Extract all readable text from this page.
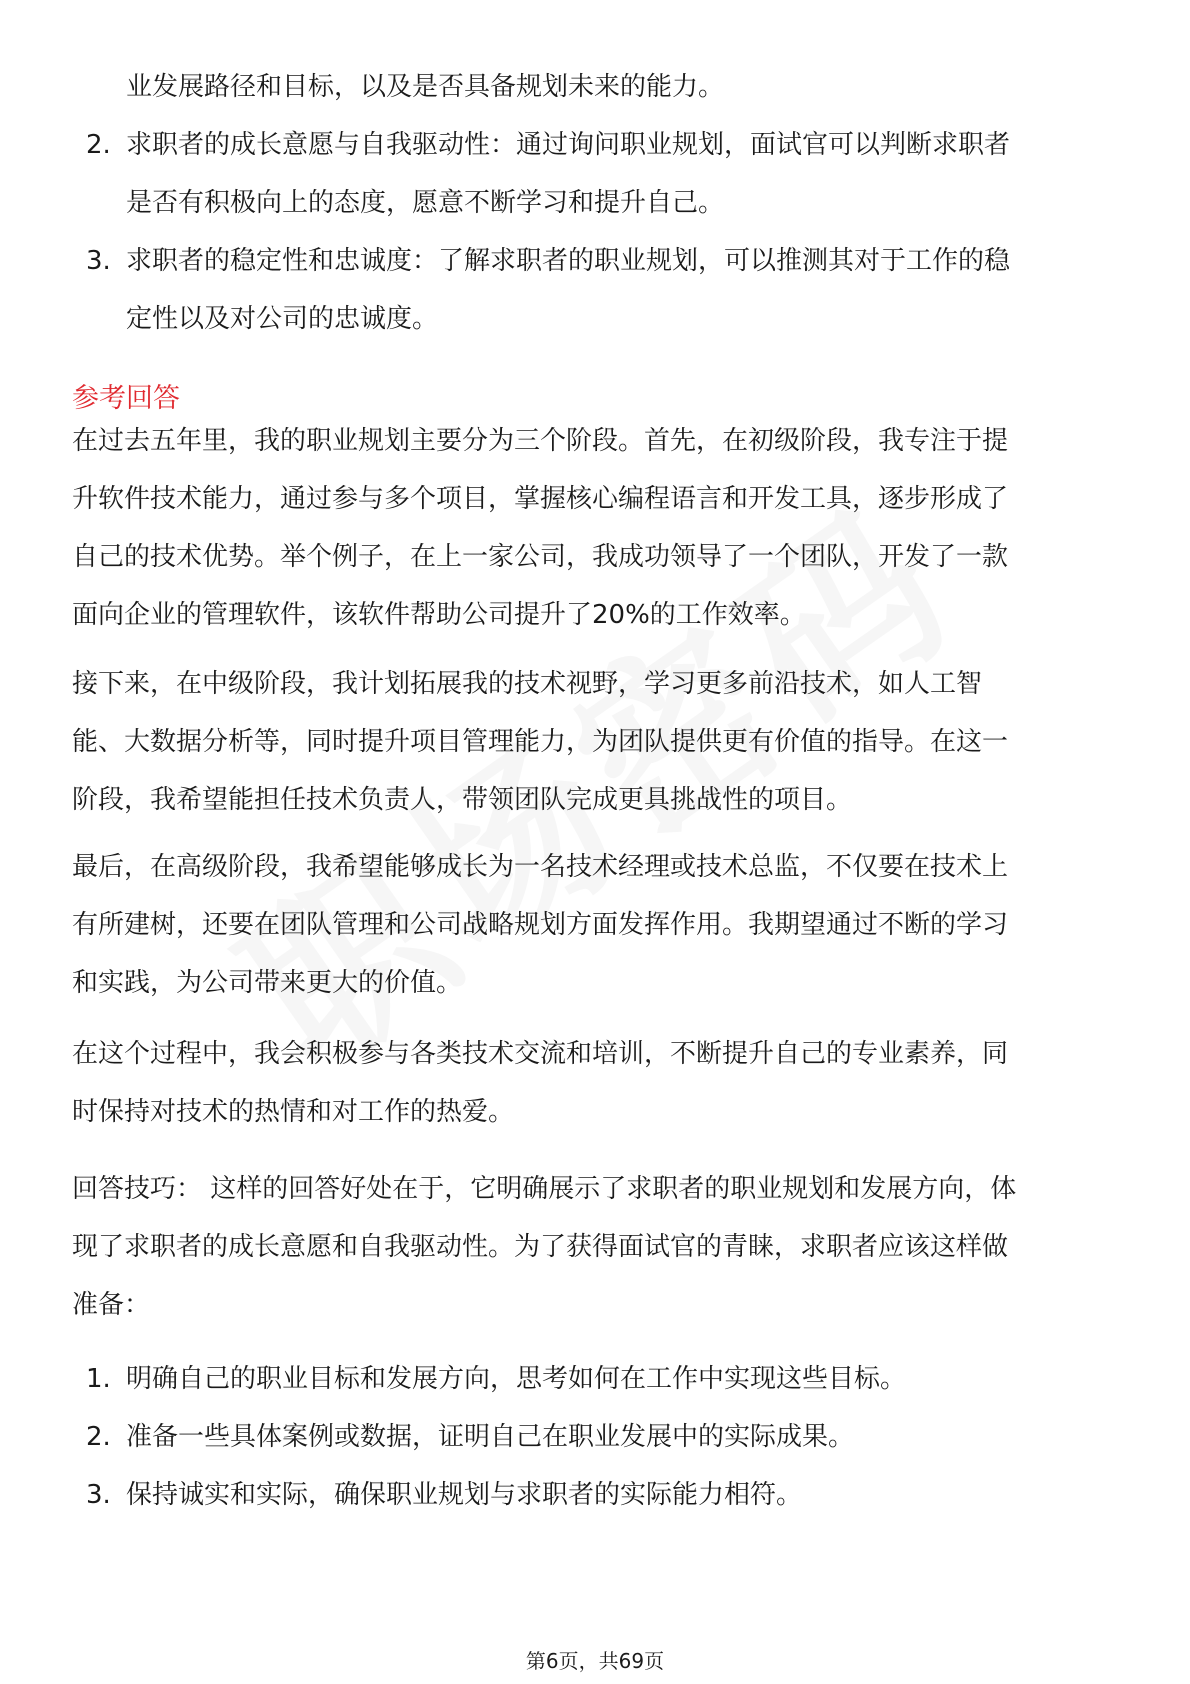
业发展路径和目标，以及是否具备规划未来的能力。
2. 求职者的成长意愿与自我驱动性：通过询问职业规划，面试官可以判断求职者
是否有积极向上的态度，愿意不断学习和提升自己。
3. 求职者的稳定性和忠诚度：了解求职者的职业规划，可以推测其对于工作的稳
定性以及对公司的忠诚度。
参考回答
在过去五年里，我的职业规划主要分为三个阶段。首先，在初级阶段，我专注于提
升软件技术能力，通过参与多个项目，掌握核心编程语言和开发工具，逐步形成了
自己的技术优势。举个例子，在上一家公司，我成功领导了一个团队，开发了一款
面向企业的管理软件，该软件帮助公司提升了20%的工作效率。
接下来，在中级阶段，我计划拓展我的技术视野，学习更多前沿技术，如人工智
能、大数据分析等，同时提升项目管理能力，为团队提供更有价值的指导。在这一
阶段，我希望能担任技术负责人，带领团队完成更具挑战性的项目。
最后，在高级阶段，我希望能够成长为一名技术经理或技术总监，不仅要在技术上
有所建树，还要在团队管理和公司战略规划方面发挥作用。我期望通过不断的学习
和实践，为公司带来更大的价值。
在这个过程中，我会积极参与各类技术交流和培训，不断提升自己的专业素养，同
时保持对技术的热情和对工作的热爱。
回答技巧： 这样的回答好处在于，它明确展示了求职者的职业规划和发展方向，体
现了求职者的成长意愿和自我驱动性。为了获得面试官的青睐，求职者应该这样做
准备：
1. 明确自己的职业目标和发展方向，思考如何在工作中实现这些目标。
2. 准备一些具体案例或数据，证明自己在职业发展中的实际成果。
3. 保持诚实和实际，确保职业规划与求职者的实际能力相符。
第6页，共69页
